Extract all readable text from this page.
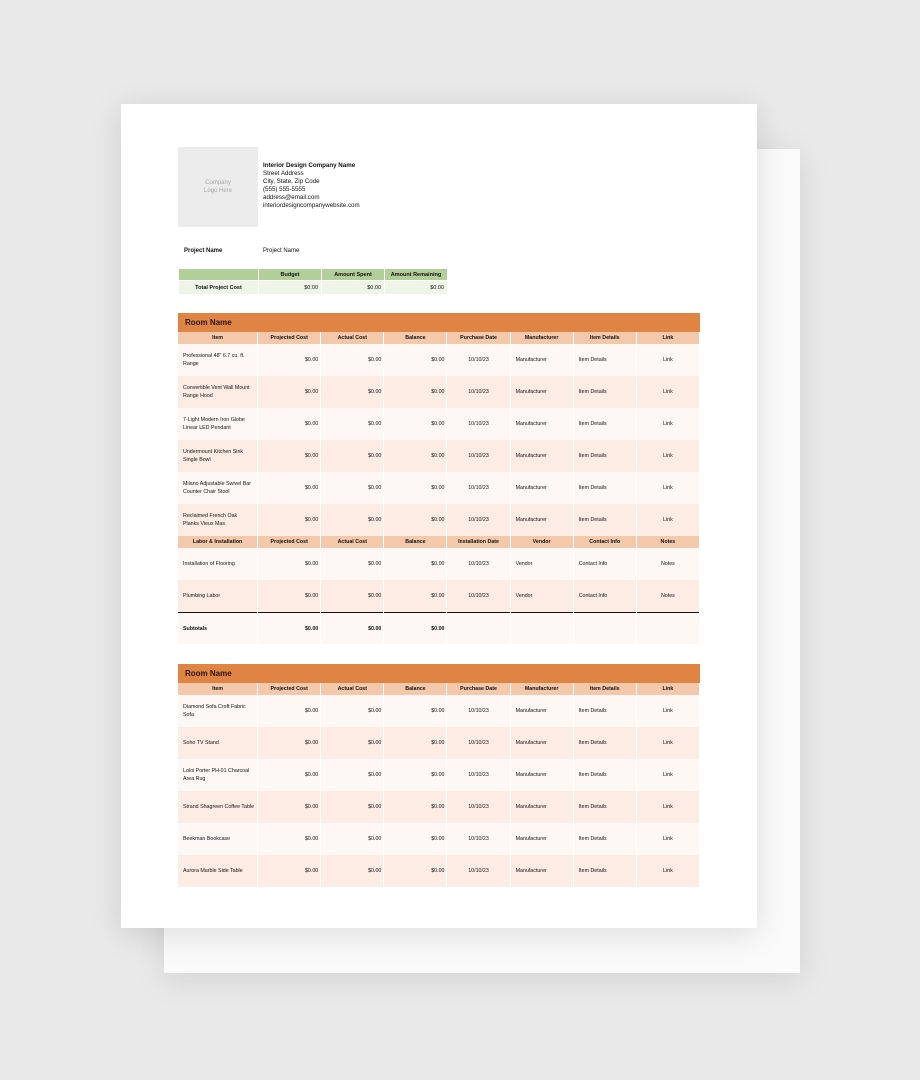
Company Logo Here
Interior Design Company Name
Street Address
City, State, Zip Code
(555) 555-5555
address@email.com
interiordesigncompanywebsite.com
Project Name	Project Name
	Budget	Amount Spent	Amount Remaining
Total Project Cost	$0.00	$0.00	$0.00
Room Name
Item	Projected Cost	Actual Cost	Balance	Purchase Date	Manufacturer	Item Details	Link
Professional 48" 6.7 cu. ft. Range	$0.00	$0.00	$0.00	10/10/23	Manufacturer	Item Details	Link
Convertible Vent Wall Mount Range Hood	$0.00	$0.00	$0.00	10/10/23	Manufacturer	Item Details	Link
7-Light Modern Iron Globe Linear LED Pendant	$0.00	$0.00	$0.00	10/10/23	Manufacturer	Item Details	Link
Undermount Kitchen Sink Single Bowl	$0.00	$0.00	$0.00	10/10/23	Manufacturer	Item Details	Link
Milano Adjustable Swivel Bar Counter Chair Stool	$0.00	$0.00	$0.00	10/10/23	Manufacturer	Item Details	Link
Reclaimed French Oak Planks Vieux Mas	$0.00	$0.00	$0.00	10/10/23	Manufacturer	Item Details	Link
Labor & Installation	Projected Cost	Actual Cost	Balance	Installation Date	Vendor	Contact Info	Notes
Installation of Flooring	$0.00	$0.00	$0.00	10/10/23	Vendor	Contact Info	Notes
Plumbing Labor	$0.00	$0.00	$0.00	10/10/23	Vendor	Contact Info	Notes
Subtotals	$0.00	$0.00	$0.00				
Room Name
Item	Projected Cost	Actual Cost	Balance	Purchase Date	Manufacturer	Item Details	Link
Diamond Sofa Croft Fabric Sofa	$0.00	$0.00	$0.00	10/10/23	Manufacturer	Item Details	Link
Soho TV Stand	$0.00	$0.00	$0.00	10/10/23	Manufacturer	Item Details	Link
Loloi Porter PH-01 Charcoal Area Rug	$0.00	$0.00	$0.00	10/10/23	Manufacturer	Item Details	Link
Strand Shagreen Coffee Table	$0.00	$0.00	$0.00	10/10/23	Manufacturer	Item Details	Link
Beekman Bookcase	$0.00	$0.00	$0.00	10/10/23	Manufacturer	Item Details	Link
Aurora Marble Side Table	$0.00	$0.00	$0.00	10/10/23	Manufacturer	Item Details	Link
